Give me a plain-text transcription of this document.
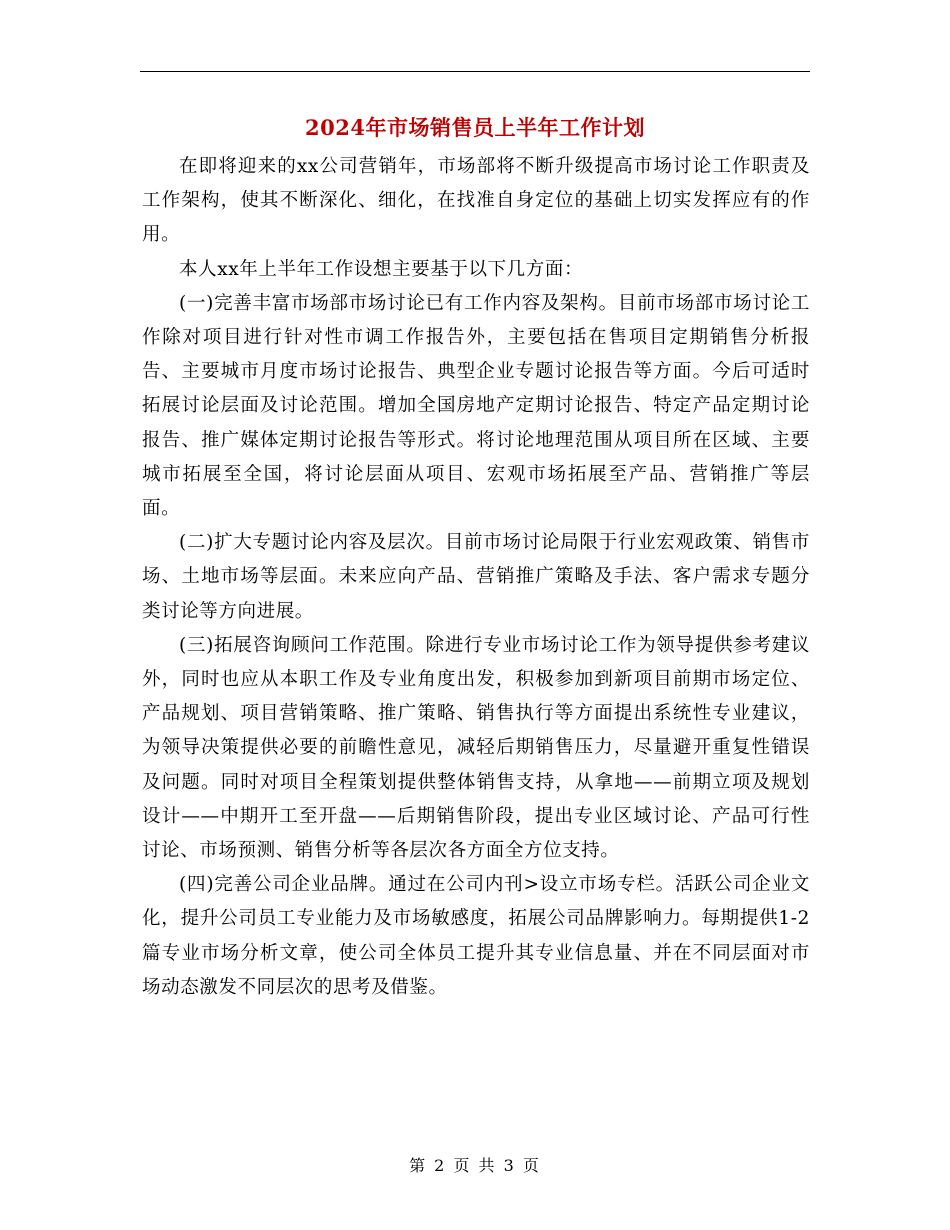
2024年市场销售员上半年工作计划

在即将迎来的xx公司营销年，市场部将不断升级提高市场讨论工作职责及工作架构，使其不断深化、细化，在找准自身定位的基础上切实发挥应有的作用。

本人xx年上半年工作设想主要基于以下几方面：

(一)完善丰富市场部市场讨论已有工作内容及架构。目前市场部市场讨论工作除对项目进行针对性市调工作报告外，主要包括在售项目定期销售分析报告、主要城市月度市场讨论报告、典型企业专题讨论报告等方面。今后可适时拓展讨论层面及讨论范围。增加全国房地产定期讨论报告、特定产品定期讨论报告、推广媒体定期讨论报告等形式。将讨论地理范围从项目所在区域、主要城市拓展至全国，将讨论层面从项目、宏观市场拓展至产品、营销推广等层面。

(二)扩大专题讨论内容及层次。目前市场讨论局限于行业宏观政策、销售市场、土地市场等层面。未来应向产品、营销推广策略及手法、客户需求专题分类讨论等方向进展。

(三)拓展咨询顾问工作范围。除进行专业市场讨论工作为领导提供参考建议外，同时也应从本职工作及专业角度出发，积极参加到新项目前期市场定位、产品规划、项目营销策略、推广策略、销售执行等方面提出系统性专业建议，为领导决策提供必要的前瞻性意见，减轻后期销售压力，尽量避开重复性错误及问题。同时对项目全程策划提供整体销售支持，从拿地——前期立项及规划设计——中期开工至开盘——后期销售阶段，提出专业区域讨论、产品可行性讨论、市场预测、销售分析等各层次各方面全方位支持。

(四)完善公司企业品牌。通过在公司内刊>设立市场专栏。活跃公司企业文化，提升公司员工专业能力及市场敏感度，拓展公司品牌影响力。每期提供1-2篇专业市场分析文章，使公司全体员工提升其专业信息量、并在不同层面对市场动态激发不同层次的思考及借鉴。

第 2 页 共 3 页
